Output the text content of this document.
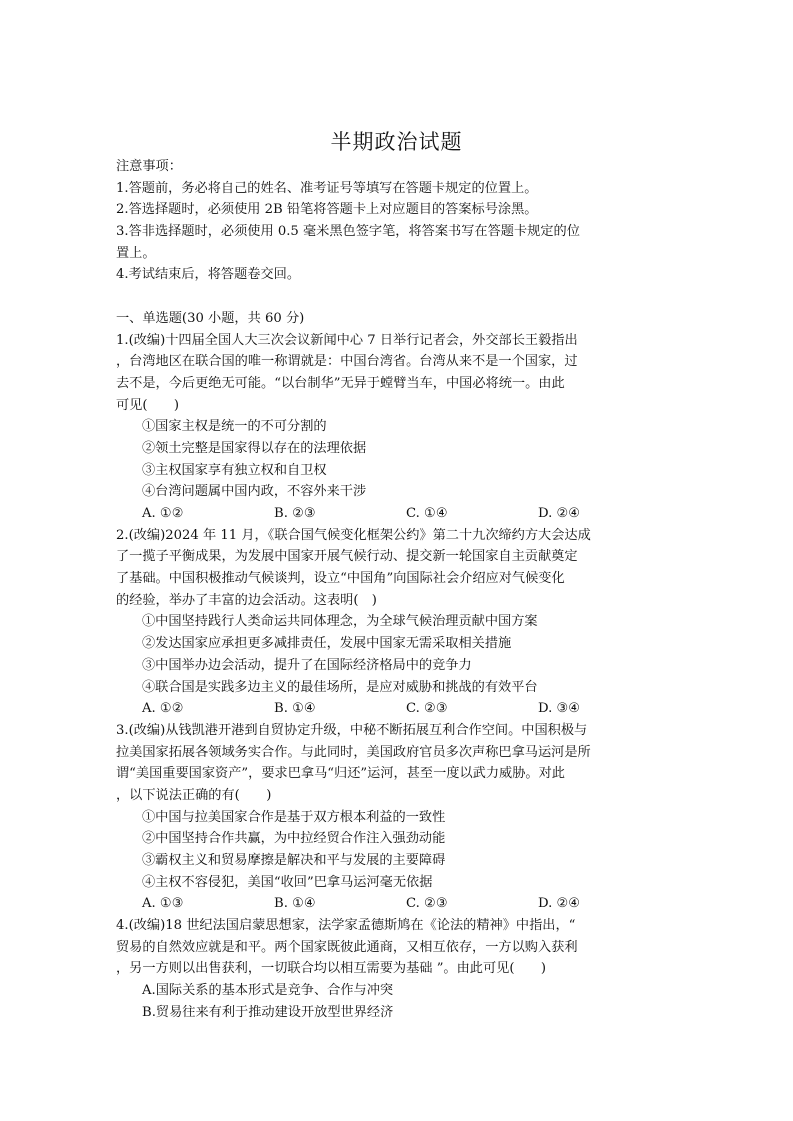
半期政治试题
注意事项：
1.答题前，务必将自己的姓名、准考证号等填写在答题卡规定的位置上。
2.答选择题时，必须使用 2B 铅笔将答题卡上对应题目的答案标号涂黑。
3.答非选择题时，必须使用 0.5 毫米黑色签字笔，将答案书写在答题卡规定的位
置上。
4.考试结束后，将答题卷交回。
一、单选题(30 小题，共 60 分)
1.(改编)十四届全国人大三次会议新闻中心 7 日举行记者会，外交部长王毅指出
，台湾地区在联合国的唯一称谓就是：中国台湾省。台湾从来不是一个国家，过
去不是，今后更绝无可能。“以台制华”无异于螳臂当车，中国必将统一。由此
可见(　　)
①国家主权是统一的不可分割的
②领土完整是国家得以存在的法理依据
③主权国家享有独立权和自卫权
④台湾问题属中国内政，不容外来干涉
A. ①②	B. ②③	C. ①④	D. ②④
2.(改编)2024 年 11 月，《联合国气候变化框架公约》第二十九次缔约方大会达成
了一揽子平衡成果，为发展中国家开展气候行动、提交新一轮国家自主贡献奠定
了基础。中国积极推动气候谈判，设立“中国角”向国际社会介绍应对气候变化
的经验，举办了丰富的边会活动。这表明(　)
①中国坚持践行人类命运共同体理念，为全球气候治理贡献中国方案
②发达国家应承担更多减排责任，发展中国家无需采取相关措施
③中国举办边会活动，提升了在国际经济格局中的竞争力
④联合国是实践多边主义的最佳场所，是应对威胁和挑战的有效平台
A. ①②	B. ①④	C. ②③	D. ③④
3.(改编)从钱凯港开港到自贸协定升级，中秘不断拓展互利合作空间。中国积极与
拉美国家拓展各领域务实合作。与此同时，美国政府官员多次声称巴拿马运河是所
谓“美国重要国家资产”，要求巴拿马“归还”运河，甚至一度以武力威胁。对此
，以下说法正确的有(　　)
①中国与拉美国家合作是基于双方根本利益的一致性
②中国坚持合作共赢，为中拉经贸合作注入强劲动能
③霸权主义和贸易摩擦是解决和平与发展的主要障碍
④主权不容侵犯，美国“收回”巴拿马运河毫无依据
A. ①③	B. ①④	C. ②③	D. ②④
4.(改编)18 世纪法国启蒙思想家，法学家孟德斯鸠在《论法的精神》中指出，“
贸易的自然效应就是和平。两个国家既彼此通商，又相互依存，一方以购入获利
，另一方则以出售获利，一切联合均以相互需要为基础 ”。由此可见(　　)
A.国际关系的基本形式是竞争、合作与冲突
B.贸易往来有利于推动建设开放型世界经济
